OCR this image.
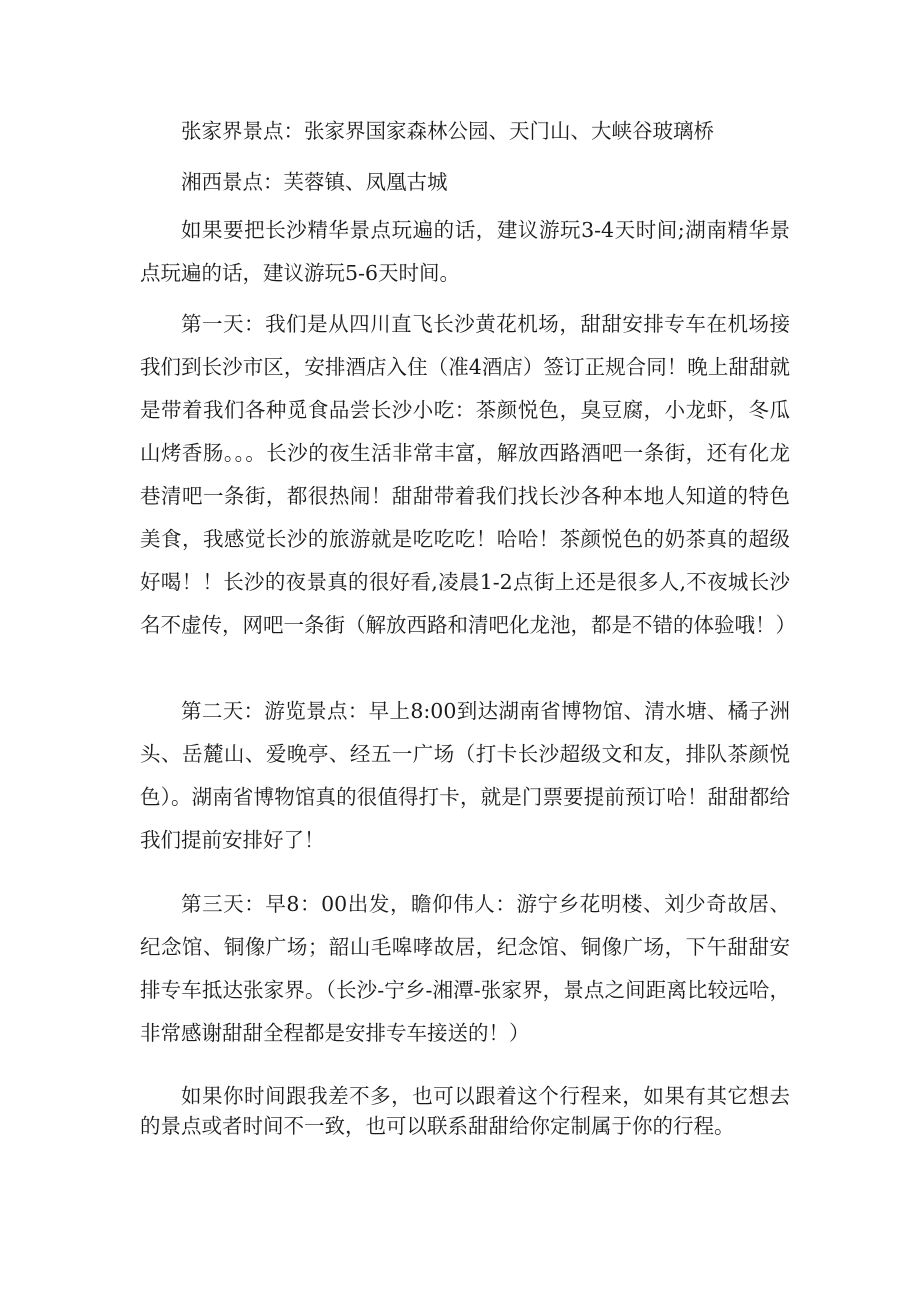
张家界景点：张家界国家森林公园、天门山、大峡谷玻璃桥

湘西景点：芙蓉镇、凤凰古城

如果要把长沙精华景点玩遍的话，建议游玩3-4天时间;湖南精华景点玩遍的话，建议游玩5-6天时间。

第一天：我们是从四川直飞长沙黄花机场，甜甜安排专车在机场接我们到长沙市区，安排酒店入住（准4酒店）签订正规合同！晚上甜甜就是带着我们各种觅食品尝长沙小吃：茶颜悦色，臭豆腐，小龙虾，冬瓜山烤香肠。。。长沙的夜生活非常丰富，解放西路酒吧一条街，还有化龙巷清吧一条街，都很热闹！甜甜带着我们找长沙各种本地人知道的特色美食，我感觉长沙的旅游就是吃吃吃！哈哈！茶颜悦色的奶茶真的超级好喝！！长沙的夜景真的很好看,凌晨1-2点街上还是很多人,不夜城长沙名不虚传，网吧一条街（解放西路和清吧化龙池，都是不错的体验哦！）

第二天：游览景点：早上8:00到达湖南省博物馆、清水塘、橘子洲头、岳麓山、爱晚亭、经五一广场（打卡长沙超级文和友，排队茶颜悦色）。湖南省博物馆真的很值得打卡，就是门票要提前预订哈！甜甜都给我们提前安排好了！

第三天：早8：00出发，瞻仰伟人：游宁乡花明楼、刘少奇故居、纪念馆、铜像广场；韶山毛嗥哮故居，纪念馆、铜像广场，下午甜甜安排专车抵达张家界。（长沙-宁乡-湘潭-张家界，景点之间距离比较远哈，非常感谢甜甜全程都是安排专车接送的！）

如果你时间跟我差不多，也可以跟着这个行程来，如果有其它想去的景点或者时间不一致，也可以联系甜甜给你定制属于你的行程。
